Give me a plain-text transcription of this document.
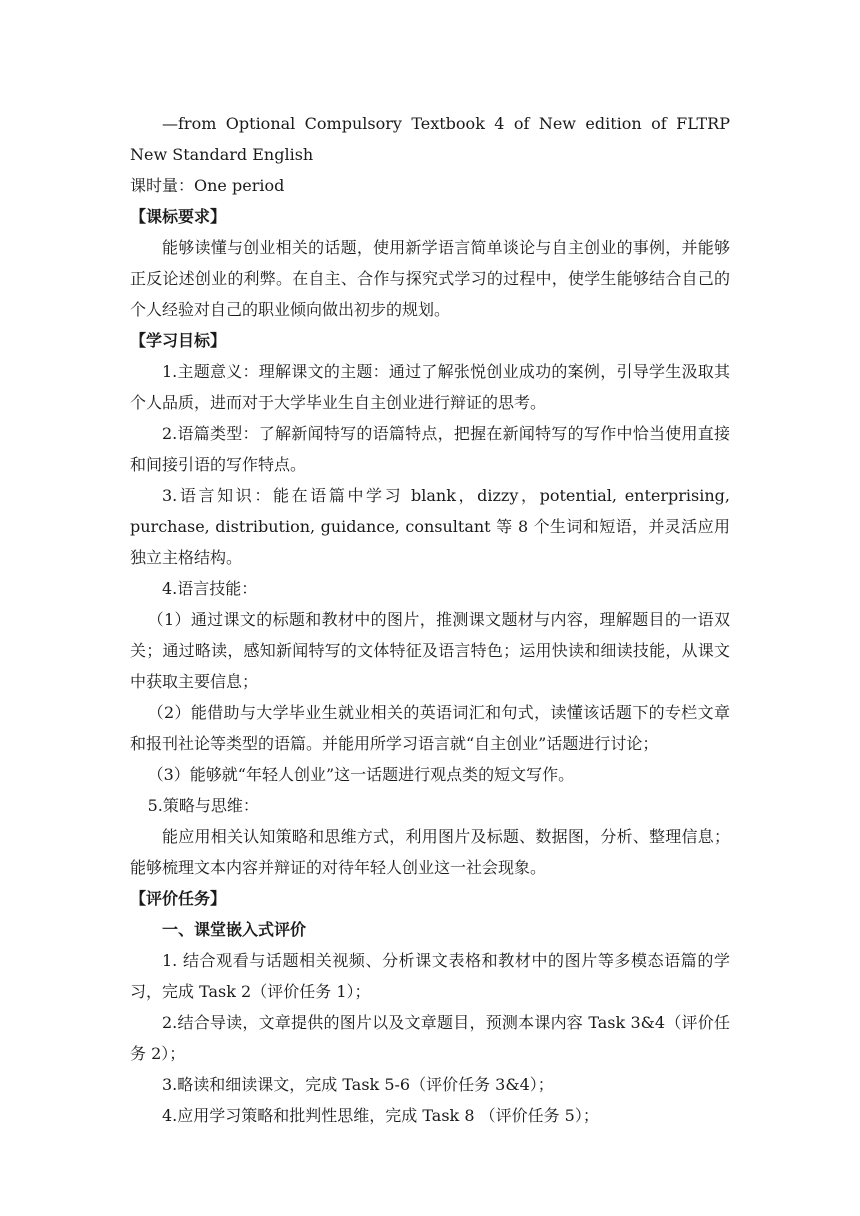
—from Optional Compulsory Textbook 4 of New edition of FLTRP New Standard English

课时量：One period

【课标要求】

能够读懂与创业相关的话题，使用新学语言简单谈论与自主创业的事例，并能够正反论述创业的利弊。在自主、合作与探究式学习的过程中，使学生能够结合自己的个人经验对自己的职业倾向做出初步的规划。

【学习目标】

1.主题意义：理解课文的主题：通过了解张悦创业成功的案例，引导学生汲取其个人品质，进而对于大学毕业生自主创业进行辩证的思考。

2.语篇类型：了解新闻特写的语篇特点，把握在新闻特写的写作中恰当使用直接和间接引语的写作特点。

3.语言知识：能在语篇中学习 blank，dizzy，potential, enterprising, purchase, distribution, guidance, consultant 等 8 个生词和短语，并灵活应用独立主格结构。

4.语言技能：

（1）通过课文的标题和教材中的图片，推测课文题材与内容，理解题目的一语双关；通过略读，感知新闻特写的文体特征及语言特色；运用快读和细读技能，从课文中获取主要信息；

（2）能借助与大学毕业生就业相关的英语词汇和句式，读懂该话题下的专栏文章和报刊社论等类型的语篇。并能用所学习语言就“自主创业”话题进行讨论；

（3）能够就“年轻人创业”这一话题进行观点类的短文写作。

5.策略与思维：

能应用相关认知策略和思维方式，利用图片及标题、数据图，分析、整理信息；能够梳理文本内容并辩证的对待年轻人创业这一社会现象。

【评价任务】

一、课堂嵌入式评价

1. 结合观看与话题相关视频、分析课文表格和教材中的图片等多模态语篇的学习，完成 Task 2（评价任务 1）；

2.结合导读，文章提供的图片以及文章题目，预测本课内容 Task 3&4（评价任务 2）；

3.略读和细读课文，完成 Task 5-6（评价任务 3&4）；

4.应用学习策略和批判性思维，完成 Task 8 （评价任务 5）；
